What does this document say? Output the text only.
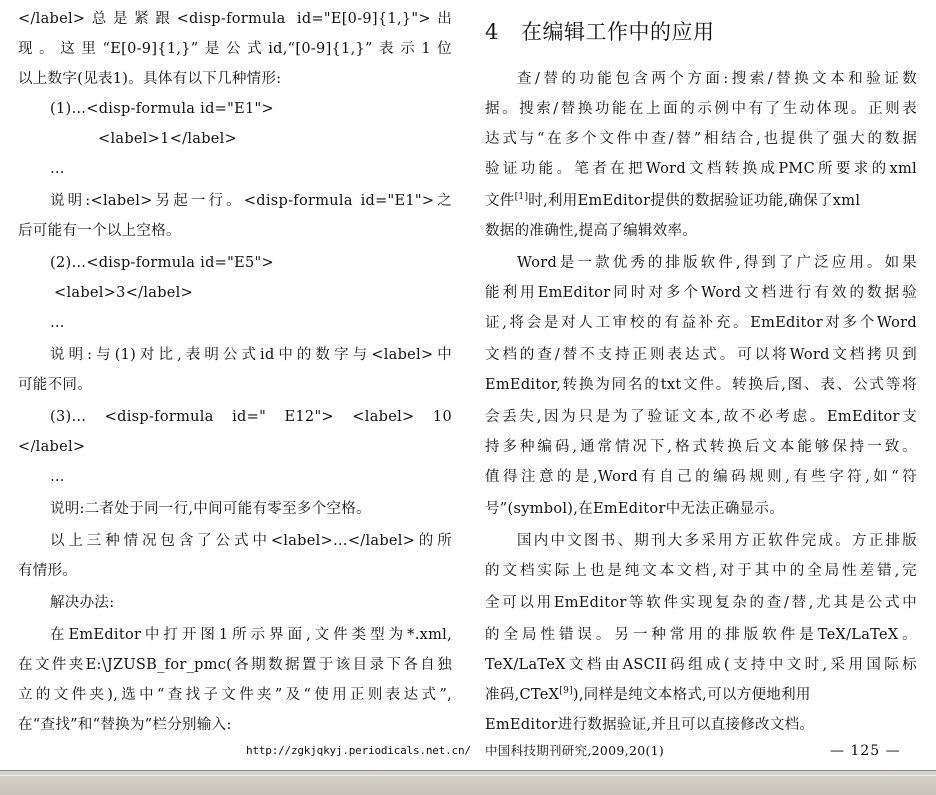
</label>总是紧跟<disp-formula id="E[0-9]{1,}">出
现。这里“E[0-9]{1,}”是公式id,“[0-9]{1,}”表示1位
以上数字(见表1)。具体有以下几种情形:
(1)…<disp-formula id="E1">
<label>1</label>
…
说明:<label>另起一行。<disp-formula id="E1">之
后可能有一个以上空格。
(2)…<disp-formula id="E5">
<label>3</label>
…
说明:与(1)对比,表明公式id中的数字与<label>中
可能不同。
(3)… <disp-formula id=" E12"> <label> 10
</label>
…
说明:二者处于同一行,中间可能有零至多个空格。
以上三种情况包含了公式中<label>…</label>的所
有情形。
解决办法:
在EmEditor中打开图1所示界面,文件类型为*.xml,
在文件夹E:\JZUSB_for_pmc(各期数据置于该目录下各自独
立的文件夹),选中“查找子文件夹”及“使用正则表达式”,
在“查找”和“替换为”栏分别输入:
4 在编辑工作中的应用
查/替的功能包含两个方面:搜索/替换文本和验证数
据。搜索/替换功能在上面的示例中有了生动体现。正则表
达式与“在多个文件中查/替”相结合,也提供了强大的数据
验证功能。笔者在把Word文档转换成PMC所要求的xml
文件[1]时,利用EmEditor提供的数据验证功能,确保了xml
数据的准确性,提高了编辑效率。
Word是一款优秀的排版软件,得到了广泛应用。如果
能利用EmEditor同时对多个Word文档进行有效的数据验
证,将会是对人工审校的有益补充。EmEditor对多个Word
文档的查/替不支持正则表达式。可以将Word文档拷贝到
EmEditor,转换为同名的txt文件。转换后,图、表、公式等将
会丢失,因为只是为了验证文本,故不必考虑。EmEditor支
持多种编码,通常情况下,格式转换后文本能够保持一致。
值得注意的是,Word有自己的编码规则,有些字符,如“符
号”(symbol),在EmEditor中无法正确显示。
国内中文图书、期刊大多采用方正软件完成。方正排版
的文档实际上也是纯文本文档,对于其中的全局性差错,完
全可以用EmEditor等软件实现复杂的查/替,尤其是公式中
的全局性错误。另一种常用的排版软件是TeX/LaTeX。
TeX/LaTeX文档由ASCII码组成(支持中文时,采用国际标
准码,CTeX[9]),同样是纯文本格式,可以方便地利用
EmEditor进行数据验证,并且可以直接修改文档。
http://zgkjqkyj.periodicals.net.cn/ 中国科技期刊研究,2009,20(1)	— 125 —
